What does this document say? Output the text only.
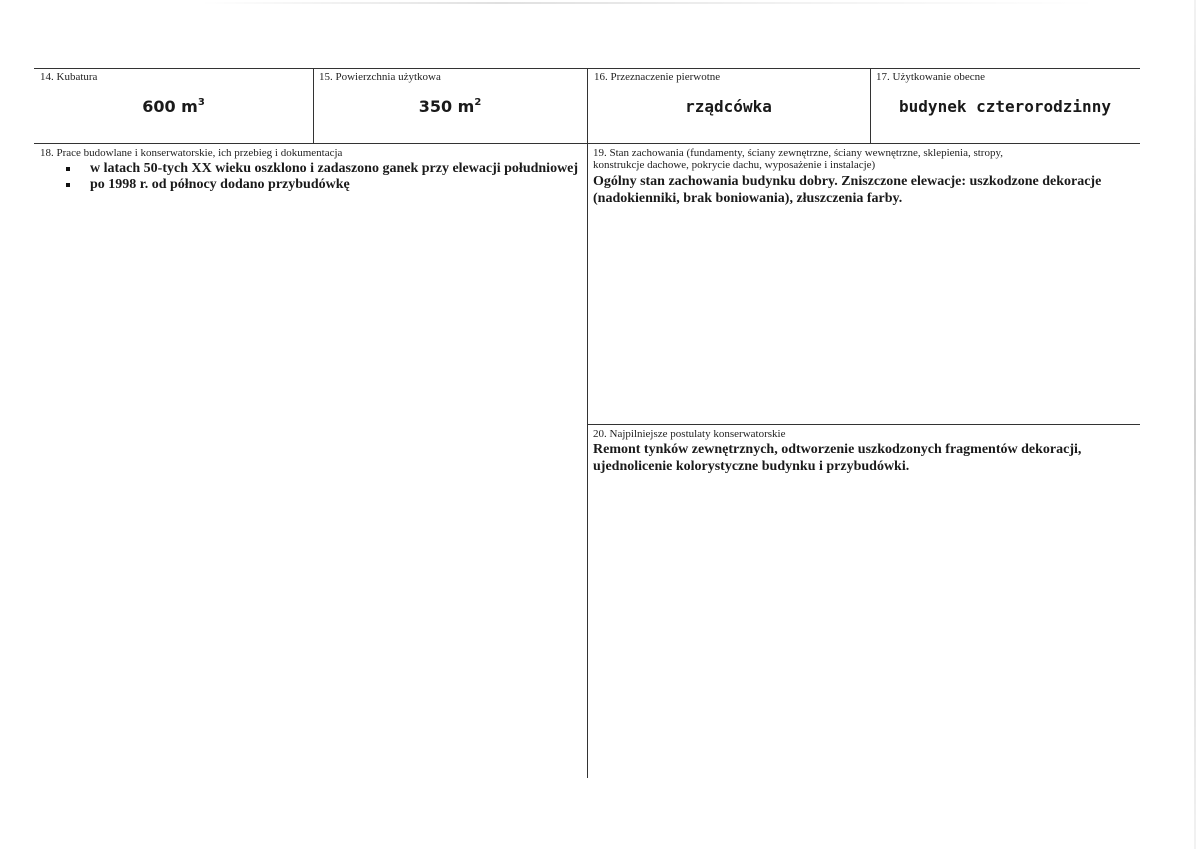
14. Kubatura
600 $m^3$
15. Powierzchnia użytkowa
350 $m^2$
16. Przeznaczenie pierwotne
rządcówka
17. Użytkowanie obecne
budynek czterorodzinny
18. Prace budowlane i konserwatorskie, ich przebieg i dokumentacja
w latach 50-tych XX wieku oszklono i zadaszono ganek przy elewacji południowej
po 1998 r. od północy dodano przybudówkę
19. Stan zachowania (fundamenty, ściany zewnętrzne, ściany wewnętrzne, sklepienia, stropy,
konstrukcje dachowe, pokrycie dachu, wyposażenie i instalacje)
Ogólny stan zachowania budynku dobry. Zniszczone elewacje: uszkodzone dekoracje
(nadokienniki, brak boniowania), złuszczenia farby.
20. Najpilniejsze postulaty konserwatorskie
Remont tynków zewnętrznych, odtworzenie uszkodzonych fragmentów dekoracji,
ujednolicenie kolorystyczne budynku i przybudówki.
